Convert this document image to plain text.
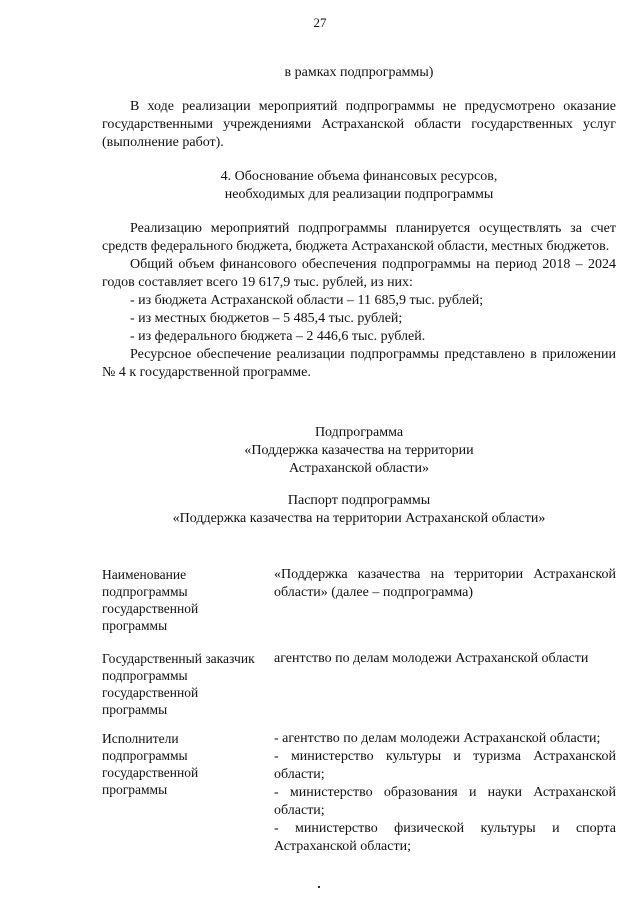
27

в рамках подпрограммы)

В ходе реализации мероприятий подпрограммы не предусмотрено оказание государственными учреждениями Астраханской области государственных услуг (выполнение работ).

4. Обоснование объема финансовых ресурсов,

необходимых для реализации подпрограммы

Реализацию мероприятий подпрограммы планируется осуществлять за счет средств федерального бюджета, бюджета Астраханской области, местных бюджетов.

Общий объем финансового обеспечения подпрограммы на период 2018 – 2024 годов составляет всего 19 617,9 тыс. рублей, из них:

- из бюджета Астраханской области – 11 685,9 тыс. рублей;

- из местных бюджетов – 5 485,4 тыс. рублей;

- из федерального бюджета – 2 446,6 тыс. рублей.

Ресурсное обеспечение реализации подпрограммы представлено в приложении № 4 к государственной программе.

Подпрограмма

«Поддержка казачества на территории

Астраханской области»

Паспорт подпрограммы

«Поддержка казачества на территории Астраханской области»

Наименование подпрограммы государственной программы

«Поддержка казачества на территории Астраханской области» (далее – подпрограмма)

Государственный заказчик подпрограммы государственной программы

агентство по делам молодежи Астраханской области

Исполнители подпрограммы государственной программы

- агентство по делам молодежи Астраханской области;

- министерство культуры и туризма Астраханской области;

- министерство образования и науки Астраханской области;

- министерство физической культуры и спорта Астраханской области;
